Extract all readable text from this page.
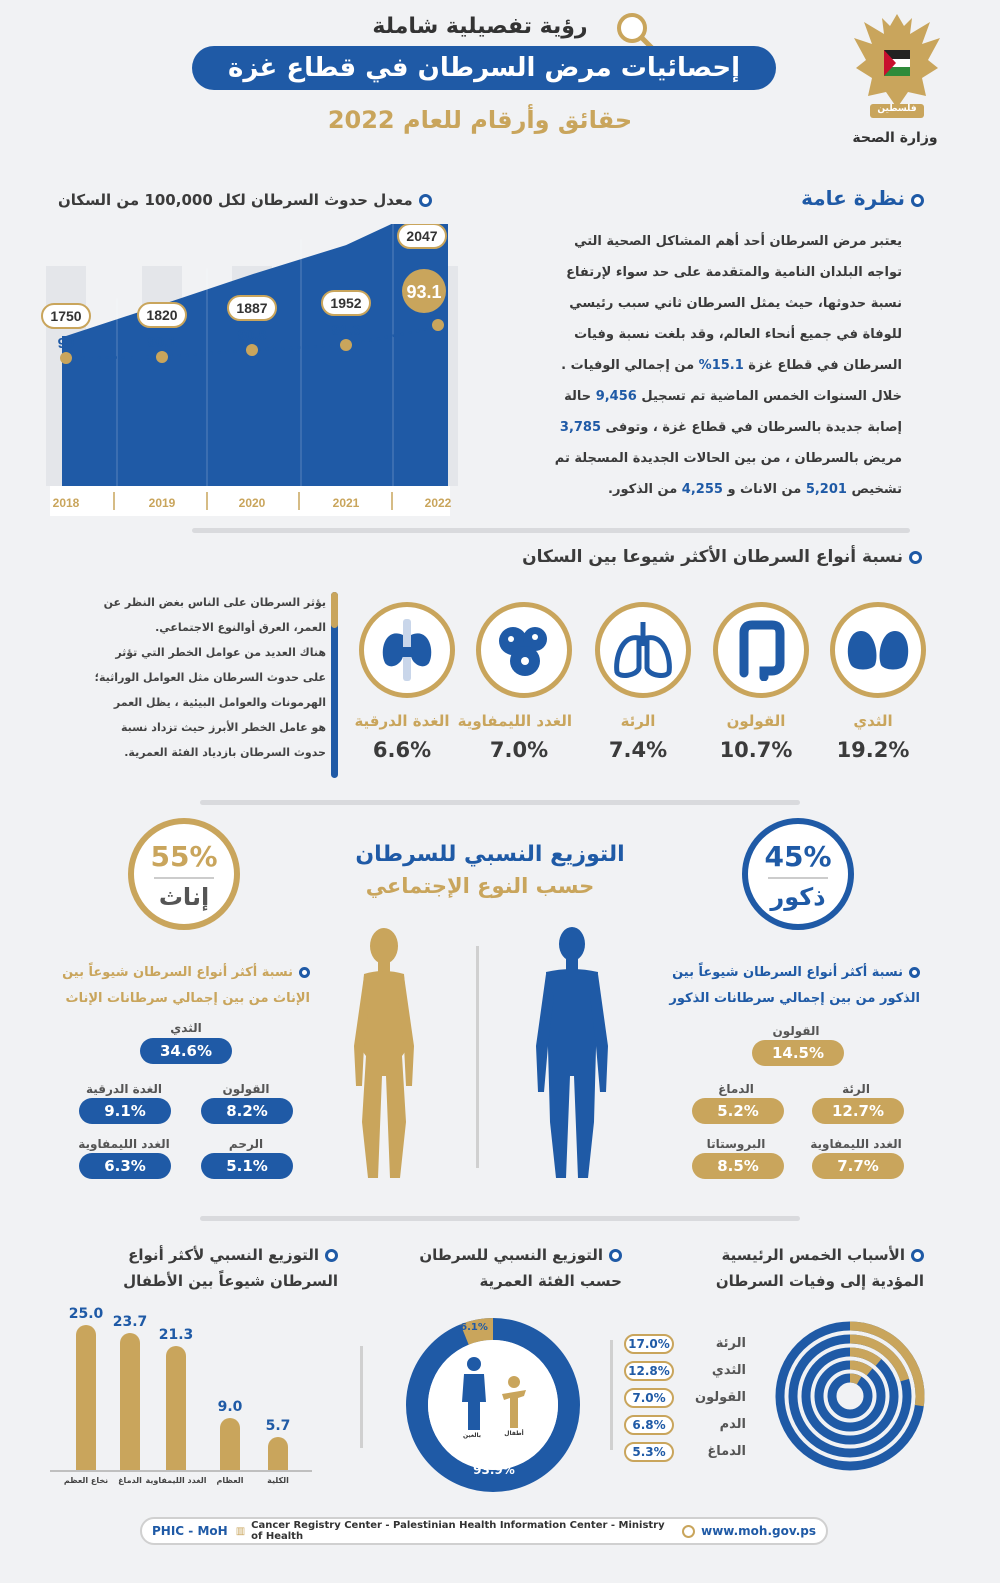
فلسطين
وزارة الصحة
رؤية تفصيلية شاملة
إحصائيات مرض السرطان في قطاع غزة
حقائق وأرقام للعام 2022
نظرة عامة
يعتبر مرض السرطان أحد أهم المشاكل الصحية التي
تواجه البلدان النامية والمتقدمة على حد سواء لإرتفاع
نسبة حدوثها، حيث يمثل السرطان ثاني سبب رئيسي
للوفاة في جميع أنحاء العالم، وقد بلغت نسبة وفيات
السرطان في قطاع غزة 15.1% من إجمالي الوفيات .
خلال السنوات الخمس الماضية تم تسجيل 9,456 حالة
إصابة جديدة بالسرطان في قطاع غزة ، وتوفى 3,785
مريض بالسرطان ، من بين الحالات الجديدة المسجلة تم
تشخيص 5,201 من الاناث و 4,255 من الذكور.
معدل حدوث السرطان لكل 100,000 من السكان
2018	2019	2020	2021	2022
90
1750
90.1
1820
90.8
1887
91.3
1952
93.1
2047
نسبة أنواع السرطان الأكثر شيوعا بين السكان
الثدي
19.2%
القولون
10.7%
الرئة
7.4%
الغدد الليمفاوية
7.0%
الغدة الدرقية
6.6%
يؤثر السرطان على الناس بغض النظر عن
العمر، العرق أوالنوع الاجتماعي.
هناك العديد من عوامل الخطر التي تؤثر
على حدوث السرطان مثل العوامل الوراثية؛
الهرمونات والعوامل البيئية ، يظل العمر
هو عامل الخطر الأبرز حيث تزداد نسبة
حدوث السرطان بازدياد الفئة العمرية.
45%
ذكور
55%
إناث
التوزيع النسبي للسرطان
حسب النوع الإجتماعي
نسبة أكثر أنواع السرطان شيوعاً بين
الذكور من بين إجمالي سرطانات الذكور
نسبة أكثر أنواع السرطان شيوعاً بين
الإناث من بين إجمالي سرطانات الإناث
القولون
14.5%
الرئة
12.7%
الدماغ
5.2%
الغدد الليمفاوية
7.7%
البروستاتا
8.5%
الثدي
34.6%
القولون
8.2%
الغدة الدرقية
9.1%
الرحم
5.1%
الغدد الليمفاوية
6.3%
الأسباب الخمس الرئيسية
المؤدية إلى وفيات السرطان
الرئة
17.0%
الثدي
12.8%
القولون
7.0%
الدم
6.8%
الدماغ
5.3%
التوزيع النسبي للسرطان
حسب الفئة العمرية
6.1%
93.9%
بالغين	أطفال
التوزيع النسبي لأكثر أنواع
السرطان شيوعاً بين الأطفال
25.0
نخاع العظم
23.7
الدماغ
21.3
الغدد الليمفاوية
9.0
العظام
5.7
الكلية
PHIC - MoH ▥ Cancer Registry Center - Palestinian Health Information Center - Ministry of Health	www.moh.gov.ps
